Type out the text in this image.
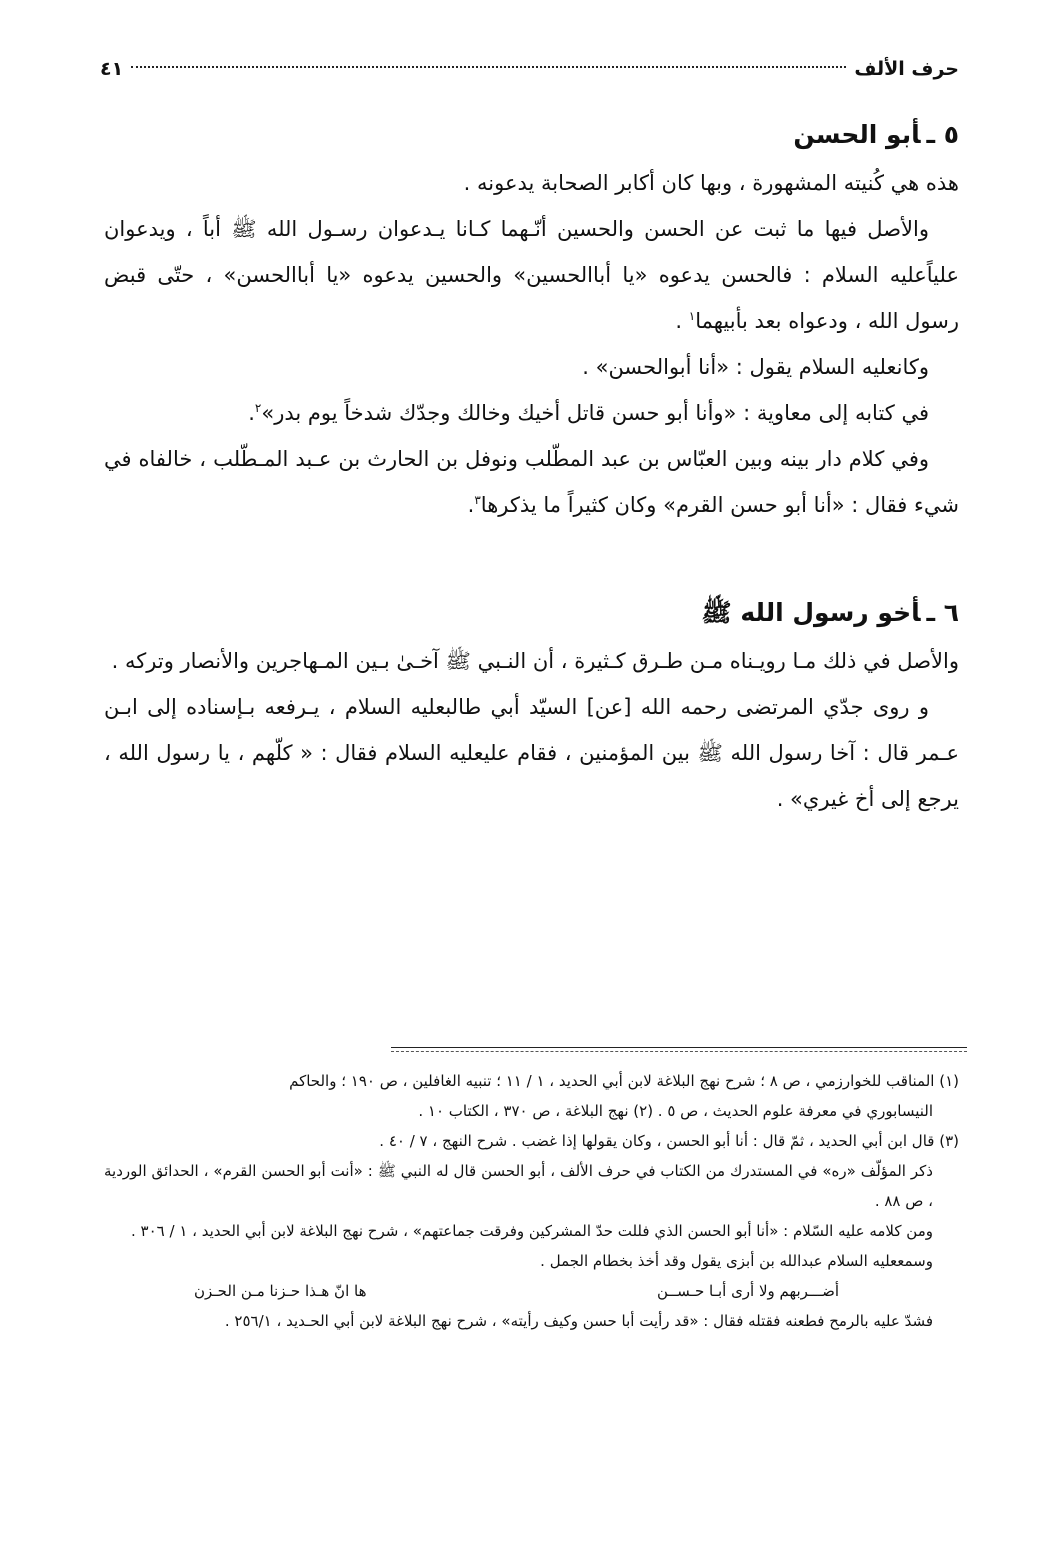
حرف الألف
٤١
٥ ـأبو الحسن

هذه هي كُنيته المشهورة ، وبها كان أكابر الصحابة يدعونه .

والأصل فيها ما ثبت عن الحسن والحسين أنّـهما كـانا يـدعوان رسـول الله ﷺ أباً ، ويدعوان علياًعليه السلام : فالحسن يدعوه «يا أباالحسين» والحسين يدعوه «يا أباالحسن» ، حتّى قبض رسول الله ، ودعواه بعد بأبيهما$^١$ .

وكانعليه السلام يقول : «أنا أبوالحسن» .

في كتابه إلى معاوية : «وأنا أبو حسن قاتل أخيك وخالك وجدّك شدخاً يوم بدر»$^٢$.

وفي كلام دار بينه وبين العبّاس بن عبد المطّلب ونوفل بن الحارث بن عـبد المـطّلب ، خالفاه في شيء فقال : «أنا أبو حسن القرم» وكان كثيراً ما يذكرها$^٣$.

٦ ـأخو رسول الله ﷺ

والأصل في ذلك مـا رويـناه مـن طـرق كـثيرة ، أن النـبي ﷺ آخـىٰ بـين المـهاجرين والأنصار وتركه .

و روى جدّي المرتضى رحمه الله [عن] السيّد أبي طالبعليه السلام ، يـرفعه بـإسناده إلى ابـن عـمر قال : آخا رسول الله ﷺ بين المؤمنين ، فقام عليعليه السلام فقال : « كلّهم ، يا رسول الله ، يرجع إلى أخ غيري» .

(١) المناقب للخوارزمي ، ص ٨ ؛ شرح نهج البلاغة لابن أبي الحديد ، ١ / ١١ ؛ تنبيه الغافلين ، ص ١٩٠ ؛ والحاكم

النيسابوري في معرفة علوم الحديث ، ص ٥ . (٢) نهج البلاغة ، ص ٣٧٠ ، الكتاب ١٠ .

(٣) قال ابن أبي الحديد ، ثمّ قال : أنا أبو الحسن ، وكان يقولها إذا غضب . شرح النهج ، ٧ / ٤٠ .

ذكر المؤلّف «ره» في المستدرك من الكتاب في حرف الألف ، أبو الحسن قال له النبي ﷺ : «أنت أبو الحسن القرم» ، الحدائق الوردية ، ص ٨٨ .

ومن كلامه عليه السّلام : «أنا أبو الحسن الذي فللت حدّ المشركين وفرقت جماعتهم» ، شرح نهج البلاغة لابن أبي الحديد ، ١ / ٣٠٦ .

وسمععليه السلام عبدالله بن أبزى يقول وقد أخذ بخطام الجمل .

أضـــربهم ولا أرى أبـا حـســن
ها انّ هـذا حـزنا مـن الحـزن

فشدّ عليه بالرمح فطعنه فقتله فقال : «قد رأيت أبا حسن وكيف رأيته» ، شرح نهج البلاغة لابن أبي الحـديد ، ٢٥٦/١ .
